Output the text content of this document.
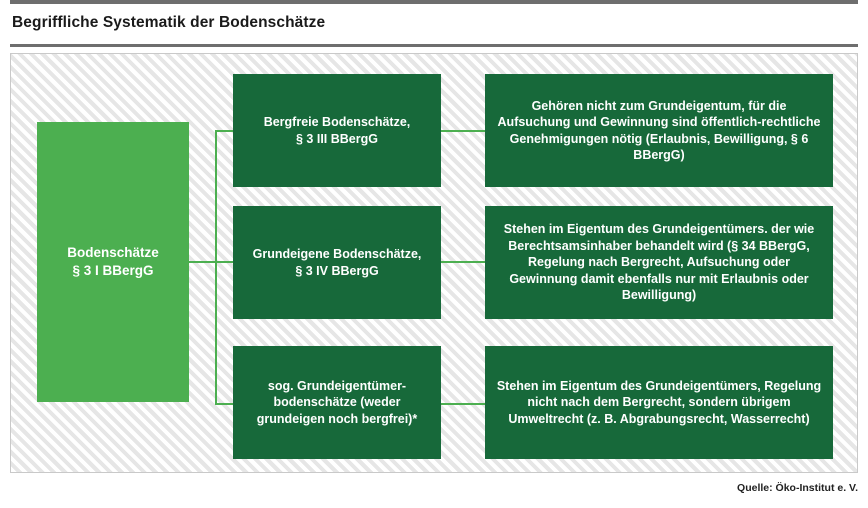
Begriffliche Systematik der Bodenschätze
Bodenschätze
§ 3 I BBergG
Bergfreie Bodenschätze,
§ 3 III BBergG
Grundeigene Bodenschätze,
§ 3 IV BBergG
sog. Grundeigentümer-
bodenschätze (weder grundeigen noch bergfrei)*
Gehören nicht zum Grundeigentum, für die Aufsuchung und Gewinnung sind öffentlich-rechtliche Genehmigungen nötig (Erlaubnis, Bewilligung, § 6 BBergG)
Stehen im Eigentum des Grundeigentümers. der wie Berechtsamsinhaber behandelt wird (§ 34 BBergG, Regelung nach Bergrecht, Aufsuchung oder Gewinnung damit ebenfalls nur mit Erlaubnis oder Bewilligung)
Stehen im Eigentum des Grundeigentümers, Regelung nicht nach dem Bergrecht, sondern übrigem Umweltrecht (z. B. Abgrabungsrecht, Wasserrecht)
Quelle: Öko-Institut e. V.
